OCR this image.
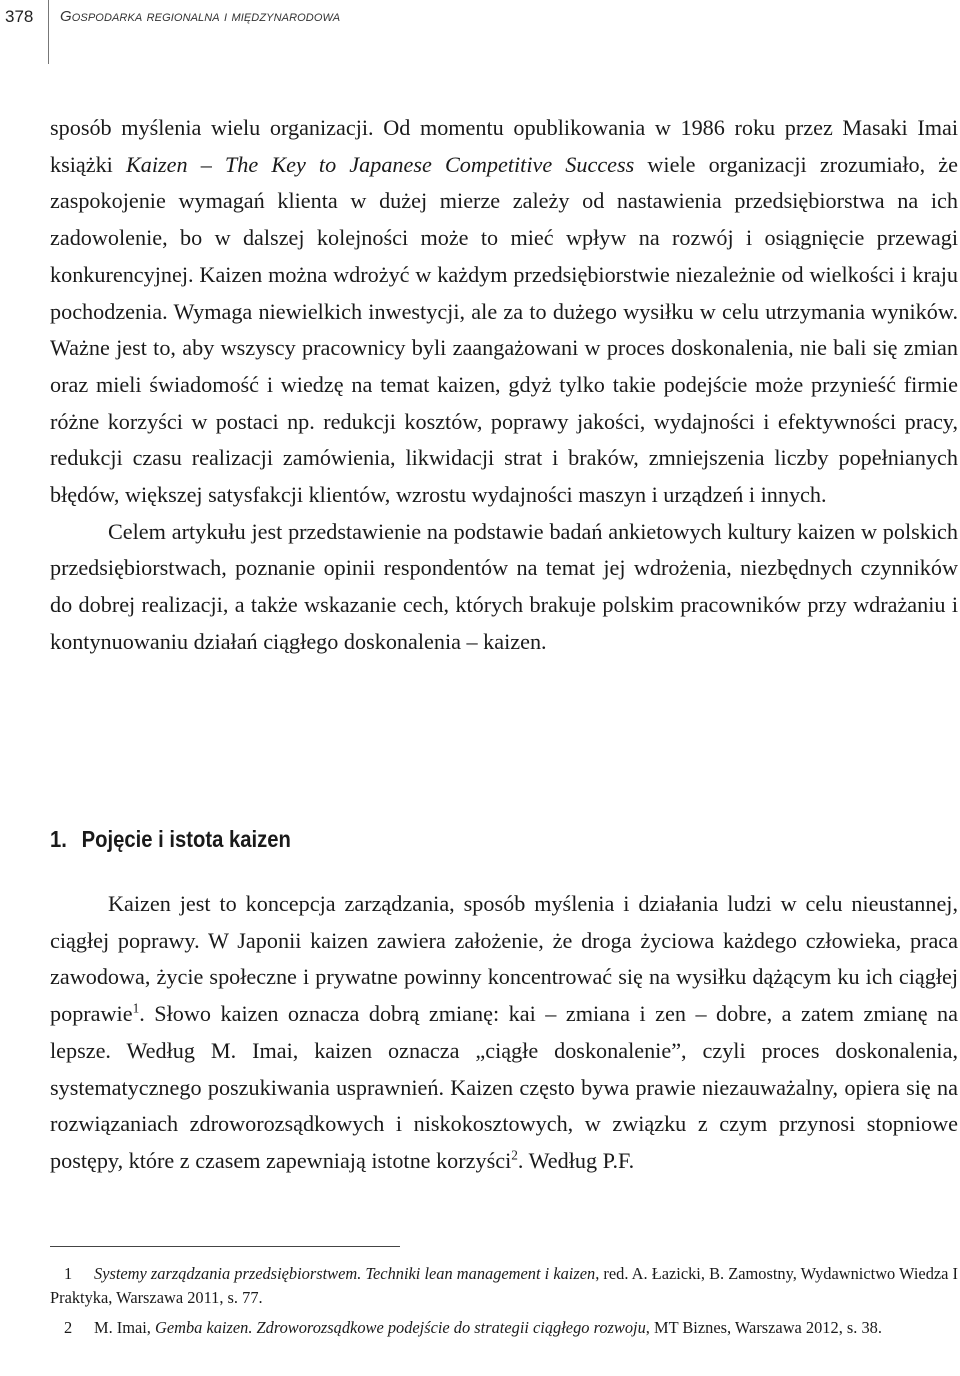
378 Gospodarka regionalna i międzynarodowa

sposób myślenia wielu organizacji. Od momentu opublikowania w 1986 roku przez Masaki Imai książki Kaizen – The Key to Japanese Competitive Success wiele organizacji zrozumiało, że zaspokojenie wymagań klienta w dużej mierze zależy od nastawienia przedsiębiorstwa na ich zadowolenie, bo w dalszej kolejności może to mieć wpływ na rozwój i osiągnięcie przewagi konkurencyjnej. Kaizen można wdrożyć w każdym przedsiębiorstwie niezależnie od wielkości i kraju pochodzenia. Wymaga niewielkich inwestycji, ale za to dużego wysiłku w celu utrzymania wyników. Ważne jest to, aby wszyscy pracownicy byli zaangażowani w proces doskonalenia, nie bali się zmian oraz mieli świadomość i wiedzę na temat kaizen, gdyż tylko takie podejście może przynieść firmie różne korzyści w postaci np. redukcji kosztów, poprawy jakości, wydajności i efektywności pracy, redukcji czasu realizacji zamówienia, likwidacji strat i braków, zmniejszenia liczby popełnianych błędów, większej satysfakcji klientów, wzrostu wydajności maszyn i urządzeń i innych.

Celem artykułu jest przedstawienie na podstawie badań ankietowych kultury kaizen w polskich przedsiębiorstwach, poznanie opinii respondentów na temat jej wdrożenia, niezbędnych czynników do dobrej realizacji, a także wskazanie cech, których brakuje polskim pracowników przy wdrażaniu i kontynuowaniu działań ciągłego doskonalenia – kaizen.

1. Pojęcie i istota kaizen

Kaizen jest to koncepcja zarządzania, sposób myślenia i działania ludzi w celu nieustannej, ciągłej poprawy. W Japonii kaizen zawiera założenie, że droga życiowa każdego człowieka, praca zawodowa, życie społeczne i prywatne powinny koncentrować się na wysiłku dążącym ku ich ciągłej poprawie$^1$. Słowo kaizen oznacza dobrą zmianę: kai – zmiana i zen – dobre, a zatem zmianę na lepsze. Według M. Imai, kaizen oznacza „ciągłe doskonalenie”, czyli proces doskonalenia, systematycznego poszukiwania usprawnień. Kaizen często bywa prawie niezauważalny, opiera się na rozwiązaniach zdroworozsądkowych i niskokosztowych, w związku z czym przynosi stopniowe postępy, które z czasem zapewniają istotne korzyści$^2$. Według P.F.

1 Systemy zarządzania przedsiębiorstwem. Techniki lean management i kaizen, red. A. Łazicki, B. Zamostny, Wydawnictwo Wiedza I Praktyka, Warszawa 2011, s. 77.

2 M. Imai, Gemba kaizen. Zdroworozsądkowe podejście do strategii ciągłego rozwoju, MT Biznes, Warszawa 2012, s. 38.
